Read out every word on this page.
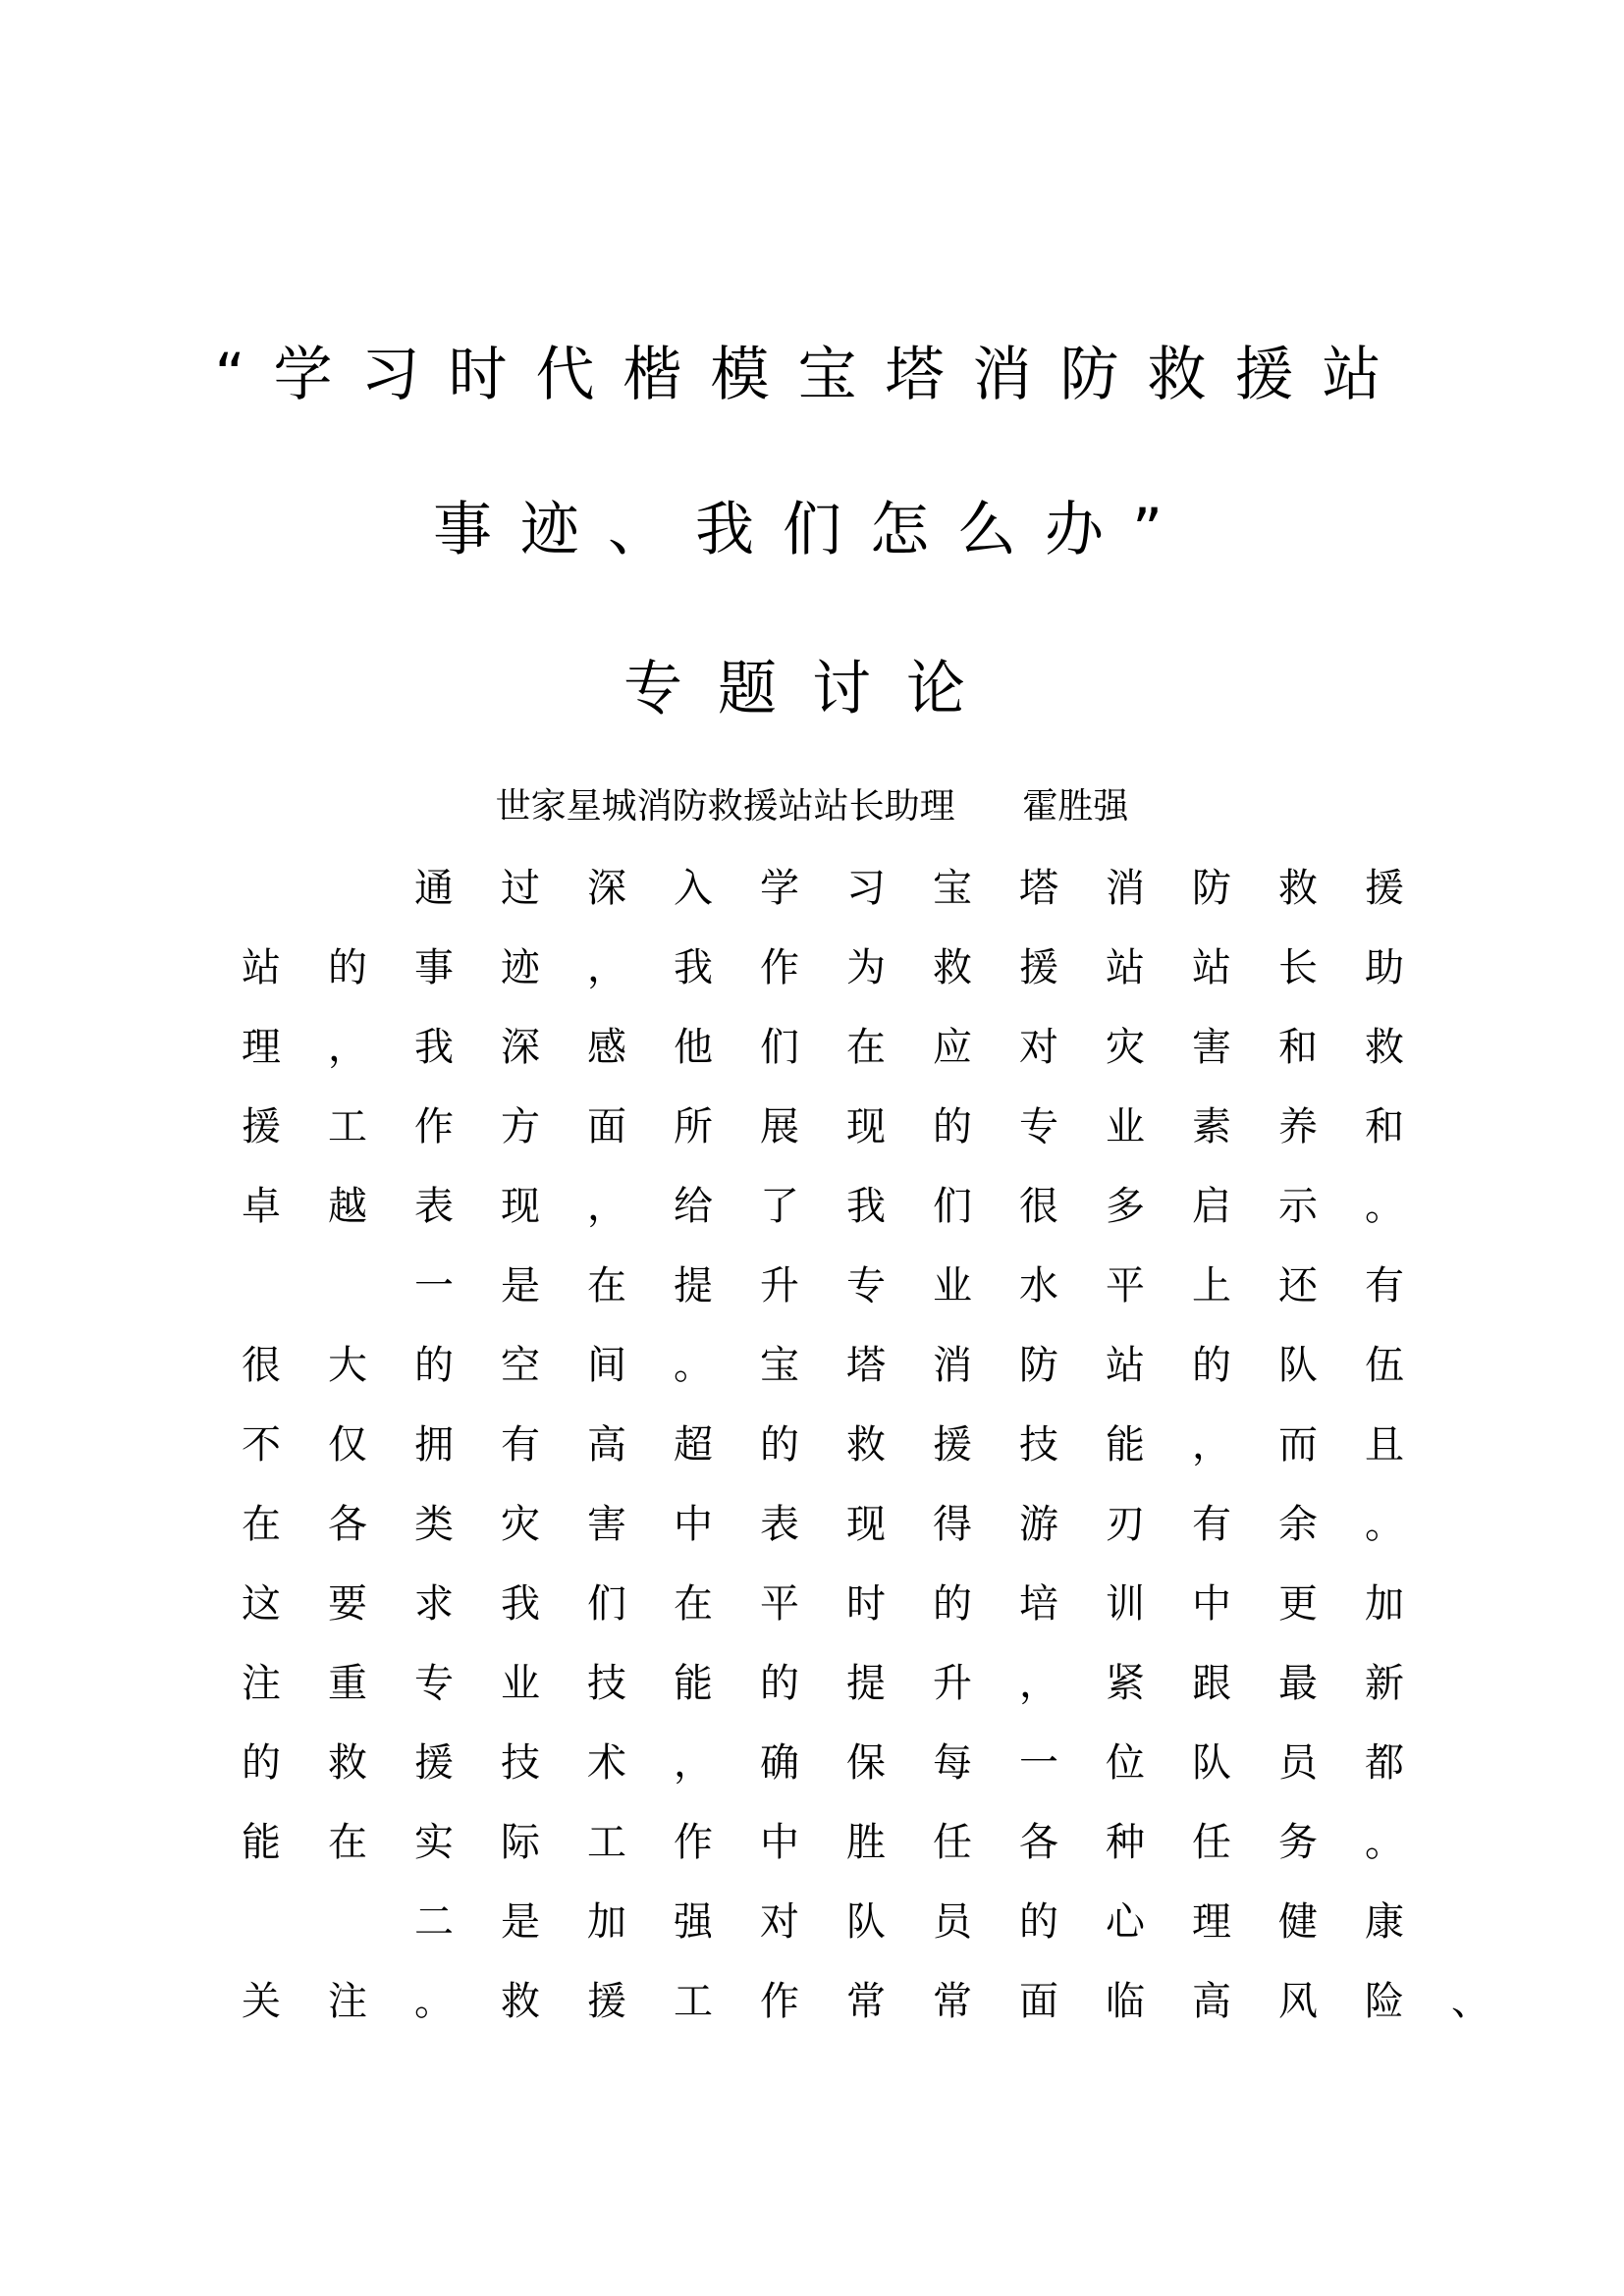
“学习时代楷模宝塔消防救援站
事迹、我们怎么办”
专题讨论
世家星城消防救援站站长助理      霍胜强

通	过	深	入	学	习	宝	塔	消	防	救	援
站	的	事	迹	，	我	作	为	救	援	站	站	长	助
理	，	我	深	感	他	们	在	应	对	灾	害	和	救
援	工	作	方	面	所	展	现	的	专	业	素	养	和
卓	越	表	现	，	给	了	我	们	很	多	启	示	。

一	是	在	提	升	专	业	水	平	上	还	有
很	大	的	空	间	。	宝	塔	消	防	站	的	队	伍
不	仅	拥	有	高	超	的	救	援	技	能	，	而	且
在	各	类	灾	害	中	表	现	得	游	刃	有	余	。
这	要	求	我	们	在	平	时	的	培	训	中	更	加
注	重	专	业	技	能	的	提	升	，	紧	跟	最	新
的	救	援	技	术	，	确	保	每	一	位	队	员	都
能	在	实	际	工	作	中	胜	任	各	种	任	务	。

二	是	加	强	对	队	员	的	心	理	健	康
关	注	。	救	援	工	作	常	常	面	临	高	风	险	、
